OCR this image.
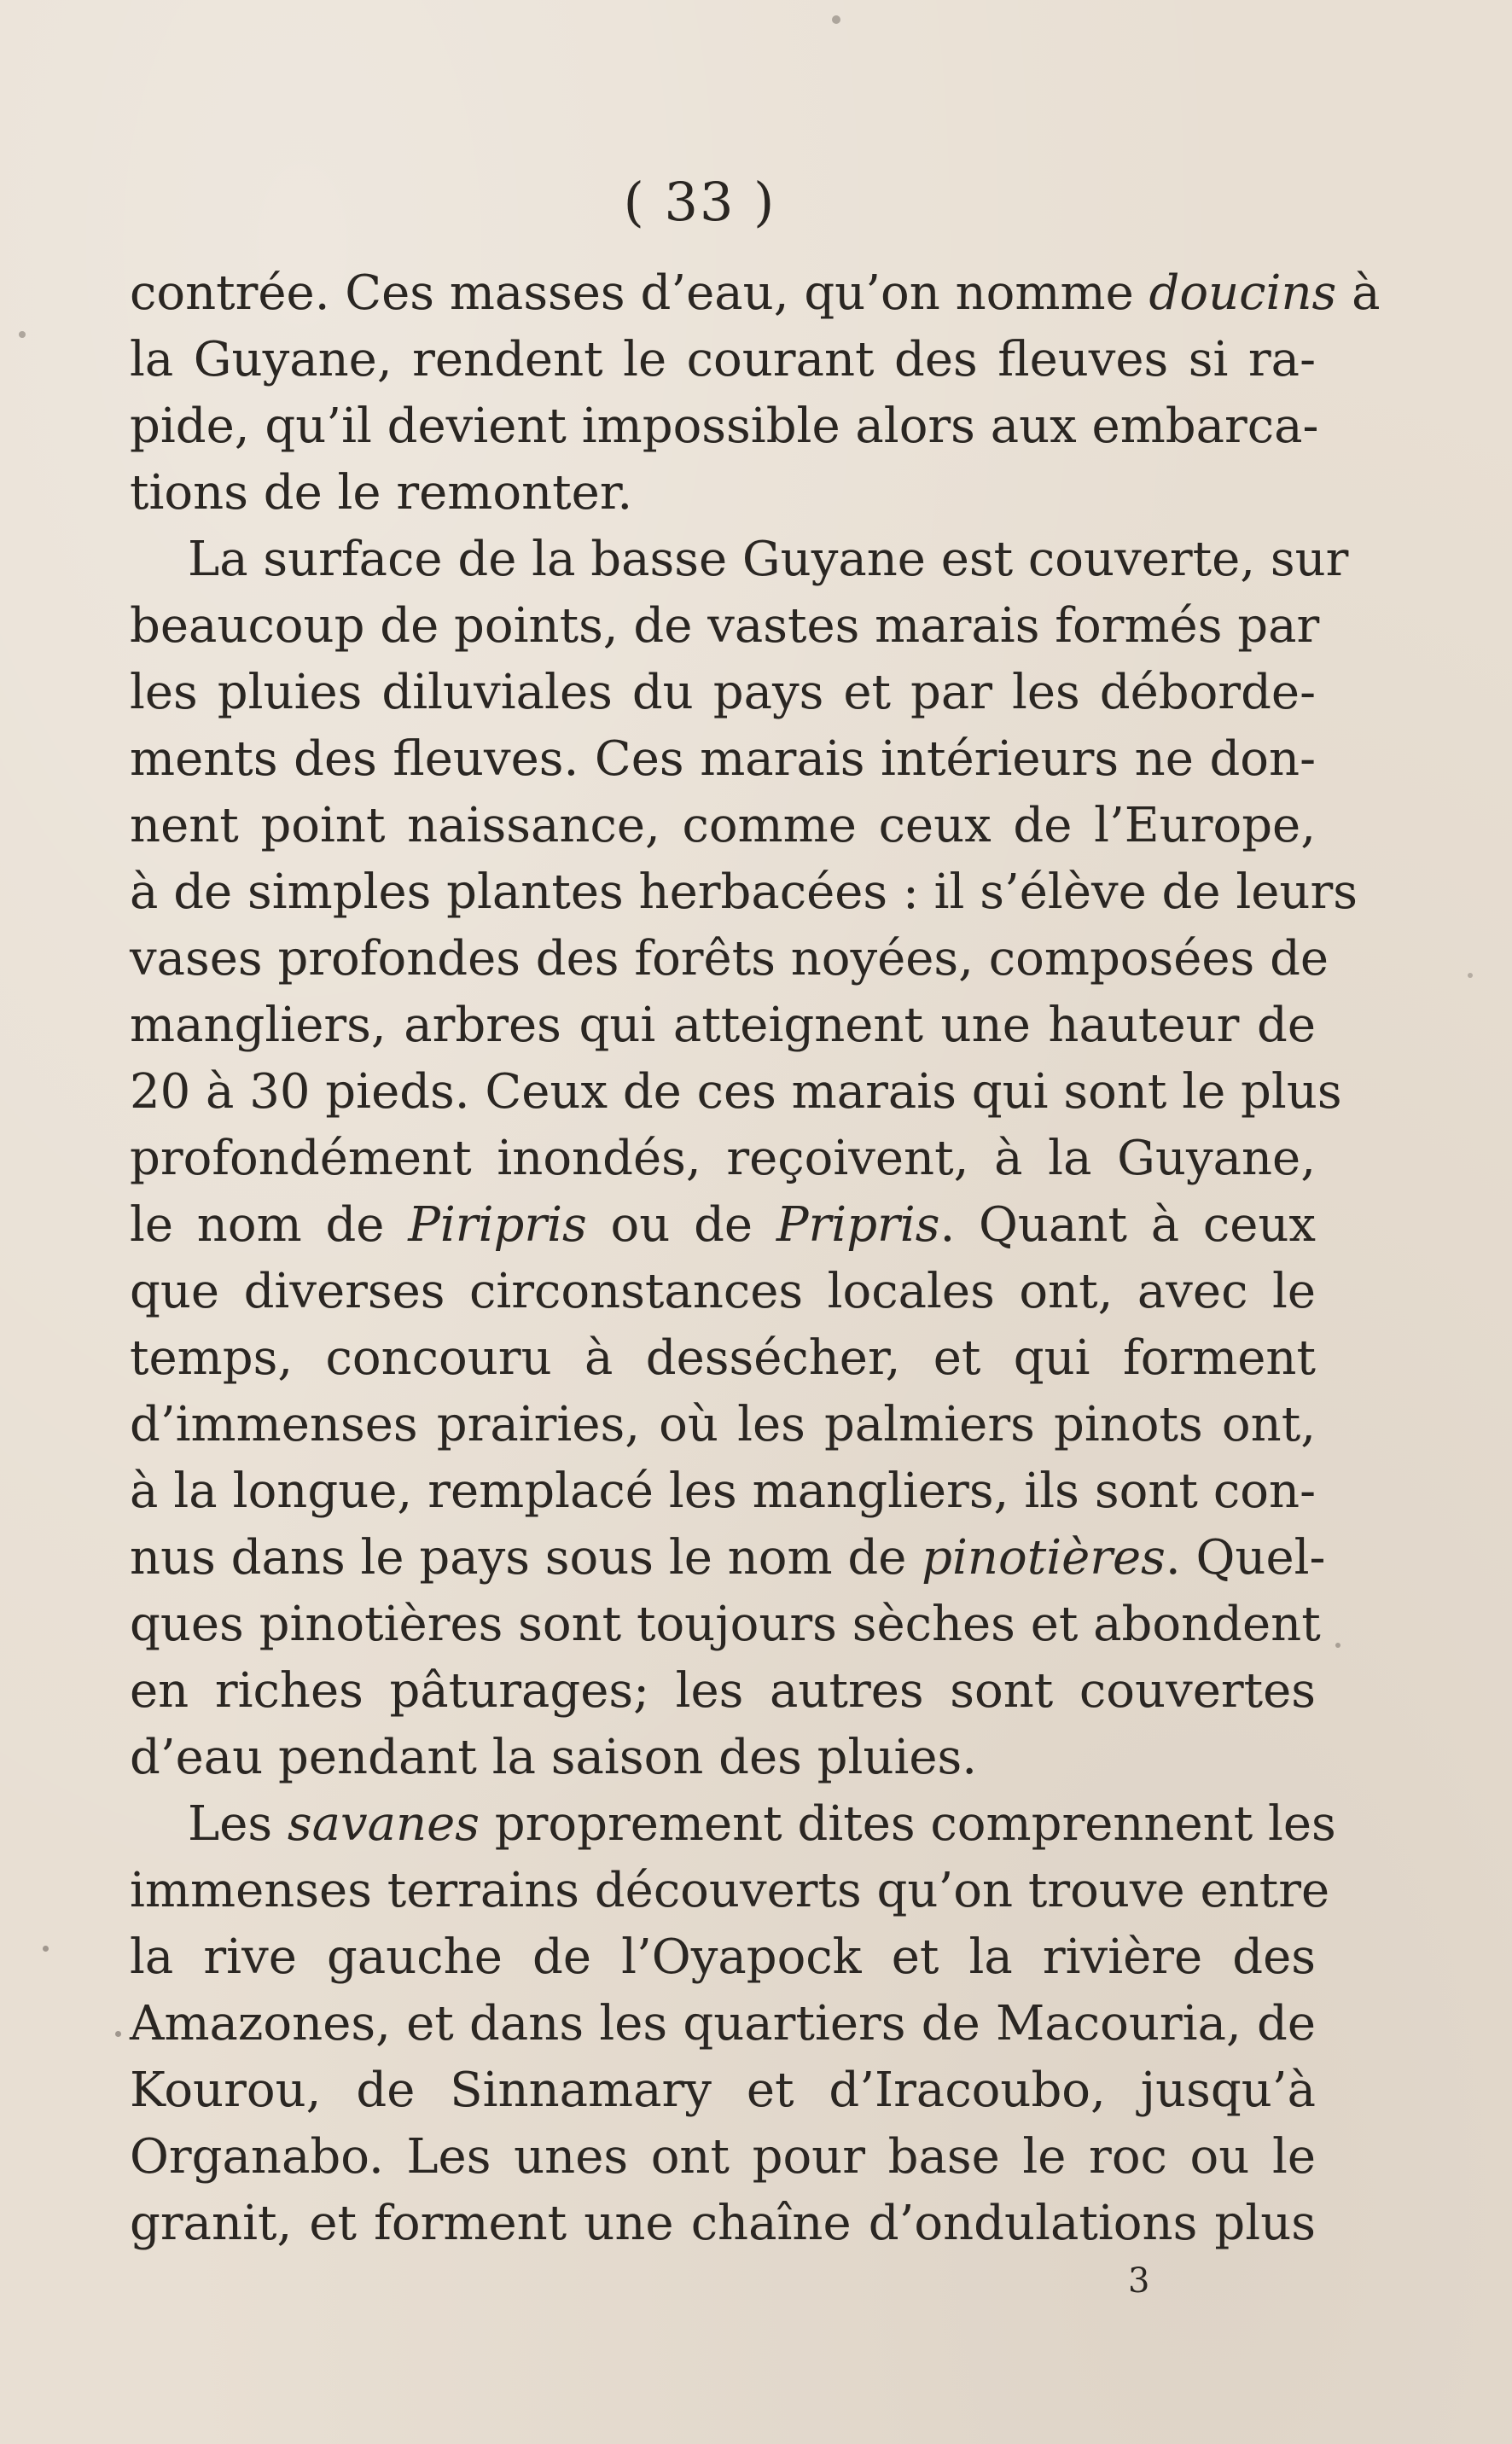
( 33 )
contrée. Ces masses d’eau, qu’on nomme doucins à
la Guyane, rendent le courant des fleuves si ra-
pide, qu’il devient impossible alors aux embarca-
tions de le remonter.
La surface de la basse Guyane est couverte, sur
beaucoup de points, de vastes marais formés par
les pluies diluviales du pays et par les déborde-
ments des fleuves. Ces marais intérieurs ne don-
nent point naissance, comme ceux de l’Europe,
à de simples plantes herbacées : il s’élève de leurs
vases profondes des forêts noyées, composées de
mangliers, arbres qui atteignent une hauteur de
20 à 30 pieds. Ceux de ces marais qui sont le plus
profondément inondés, reçoivent, à la Guyane,
le nom de Piripris ou de Pripris. Quant à ceux
que diverses circonstances locales ont, avec le
temps, concouru à dessécher, et qui forment
d’immenses prairies, où les palmiers pinots ont,
à la longue, remplacé les mangliers, ils sont con-
nus dans le pays sous le nom de pinotières. Quel-
ques pinotières sont toujours sèches et abondent
en riches pâturages; les autres sont couvertes
d’eau pendant la saison des pluies.
Les savanes proprement dites comprennent les
immenses terrains découverts qu’on trouve entre
la rive gauche de l’Oyapock et la rivière des
Amazones, et dans les quartiers de Macouria, de
Kourou, de Sinnamary et d’Iracoubo, jusqu’à
Organabo. Les unes ont pour base le roc ou le
granit, et forment une chaîne d’ondulations plus
3
